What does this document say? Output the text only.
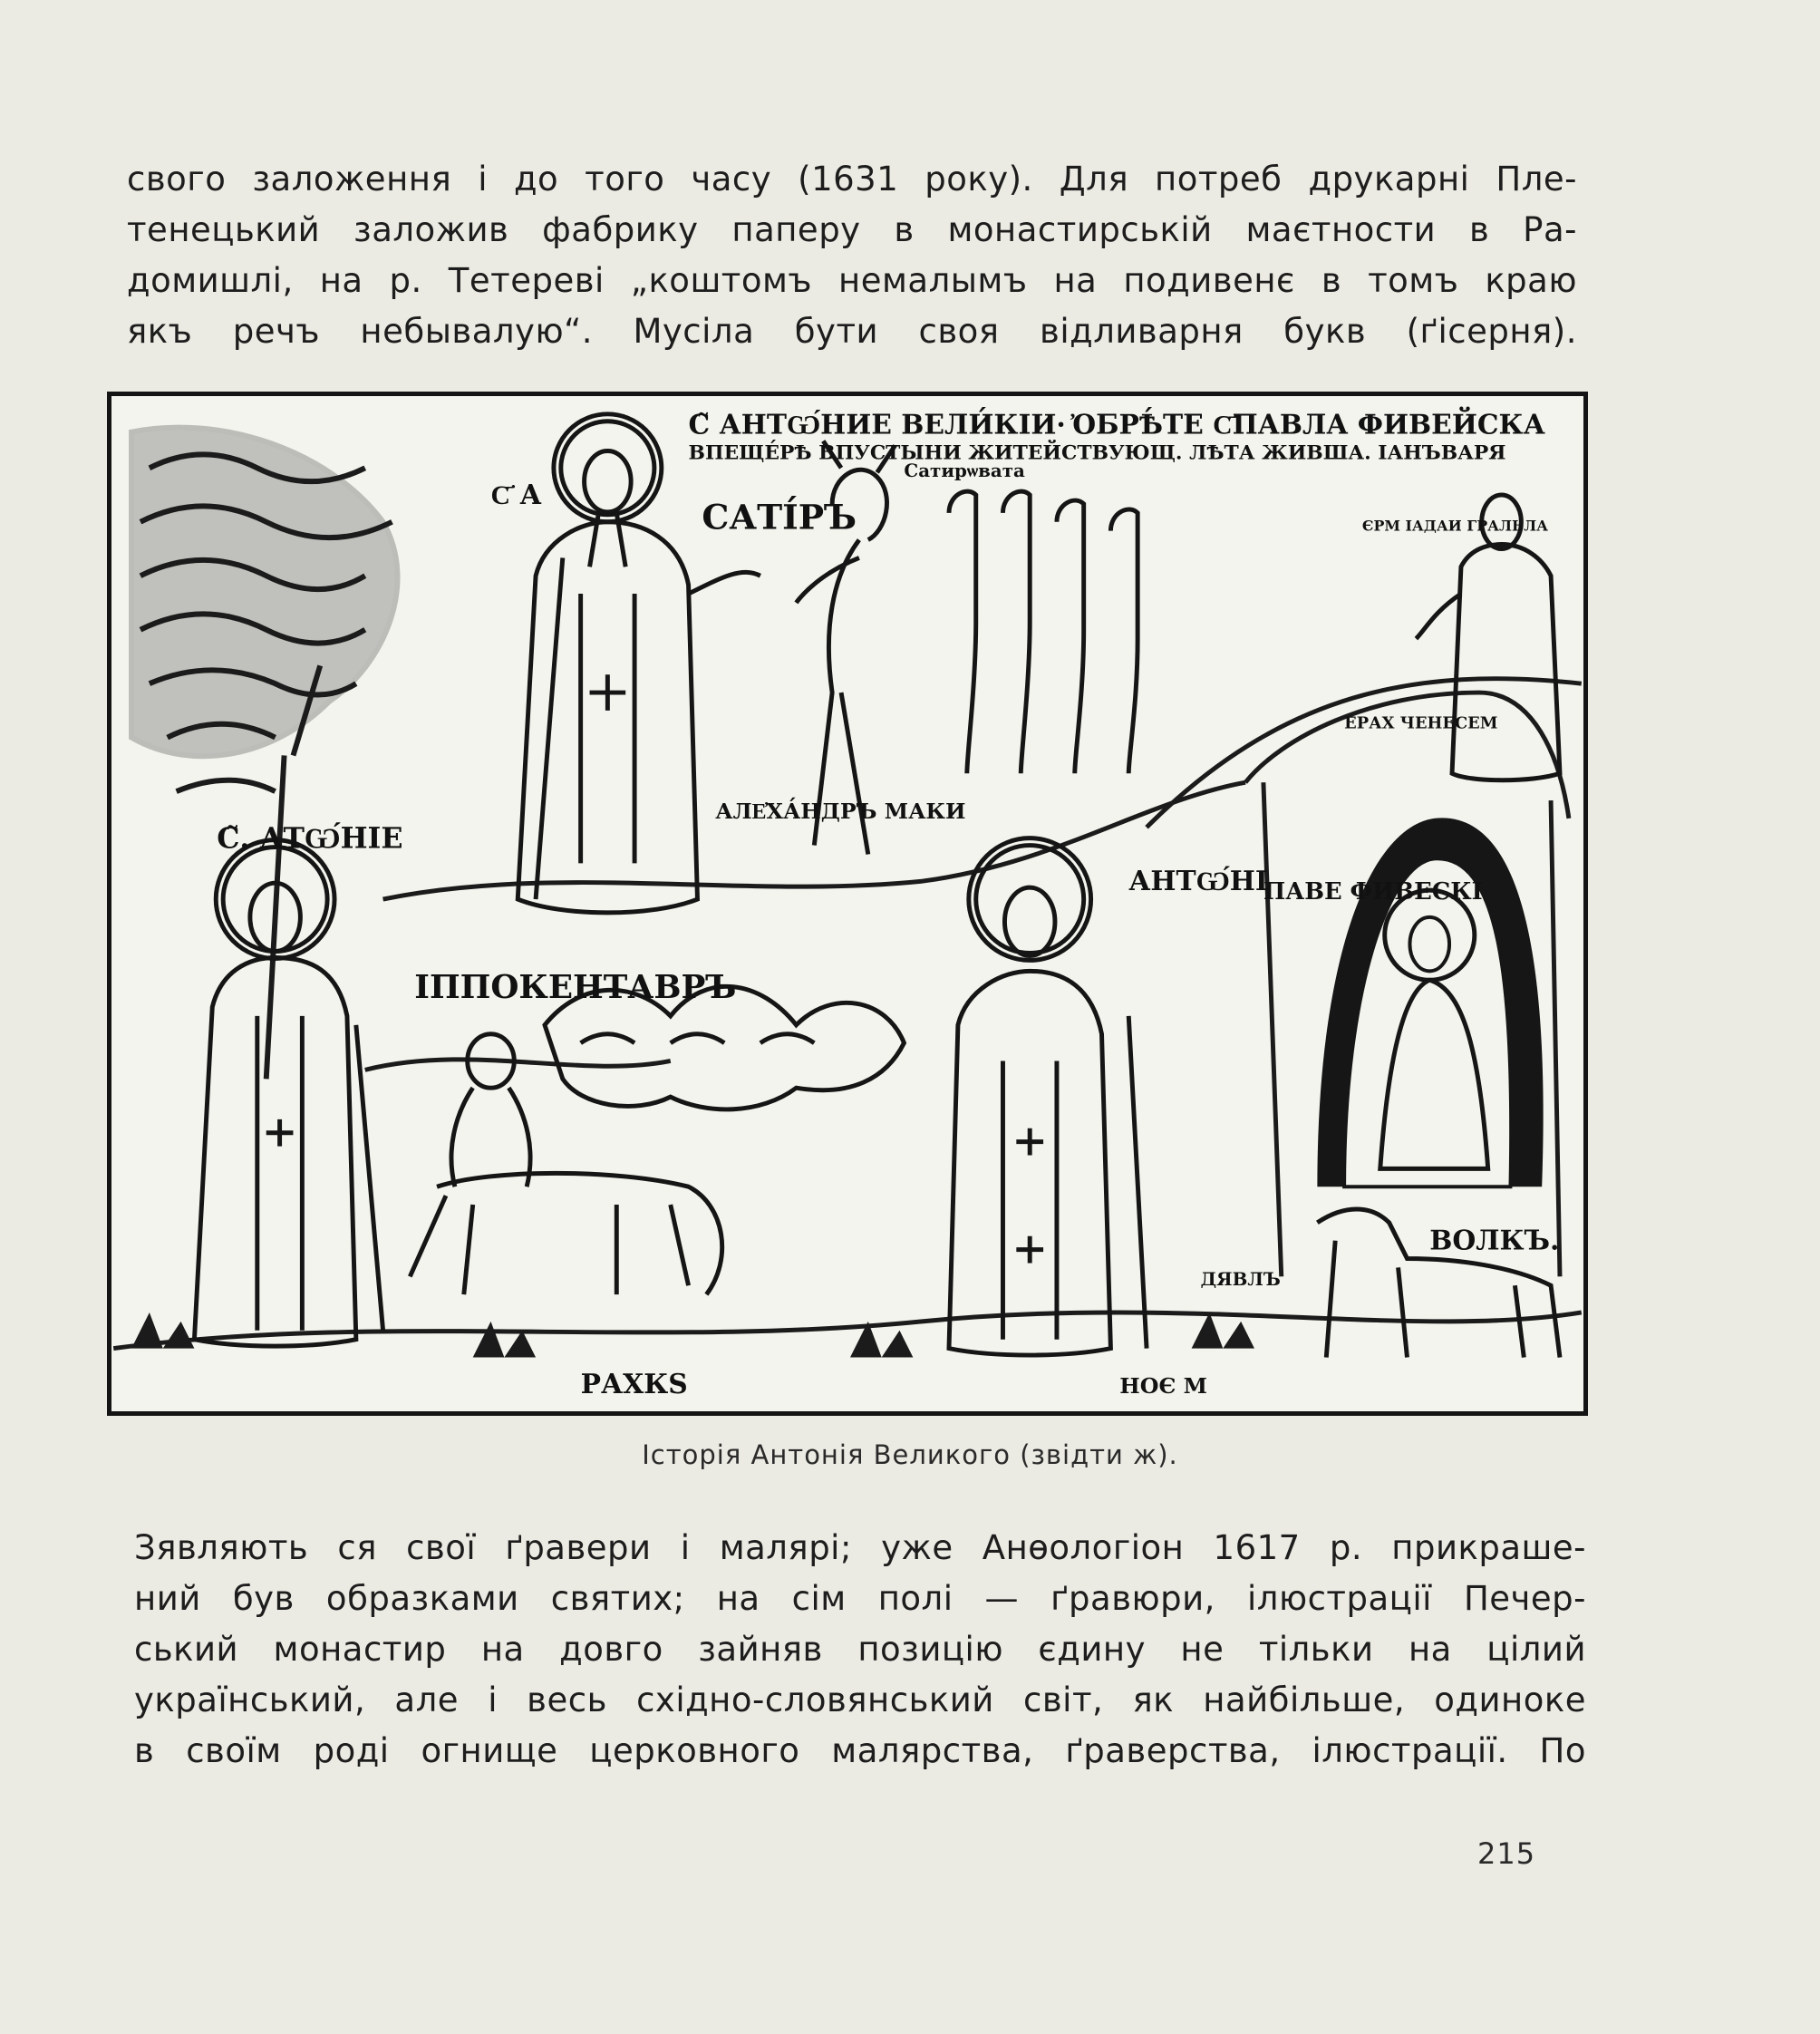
свого заложення і до того часу (1631 року). Для потреб друкарні Пле-
тенецький заложив фабрику паперу в монастирській маєтности в Ра-
домишлі, на р. Тетереві „коштомъ немалымъ на подивенє в томъ краю
якъ речъ небывалую“. Мусіла бути своя відливарня букв (ґісерня).
С̃ АНТѠ́НИЕ ВЕЛИ́КІИ· ҆ОБРѢ́ТЕ С҃ПАВЛА ФИВЕЙСКА
ВПЕЩЕ́РѢ ВПУСТЫНИ ЖИТЕЙСТВУЮЩ. ЛѢТА ЖИВША. ІАНЪВАРЯ
С҃ А
САТІ́РЪ
Сатирѡвата
ЄРМ ІАДАИ ГРАЛЬЛА
С̃. АТѠ́НІЕ
АЛЕ҆ХА́НДРЪ МАКИ
ІППОКЕНТАВРЪ
АНТѠ́НІ
ПАВЕ ФИВЕСКІ
ЕРАХ ЧЕНЕСЕМ
ВОЛКЪ.
ДЯВЛЪ
РАХКS	НОЄ М
Історія Антонія Великого (звідти ж).
Зявляють ся свої ґравери і малярі; уже Анөологіон 1617 р. прикраше-
ний був образками святих; на сім полі — ґравюри, ілюстрації Печер-
ський монастир на довго зайняв позицію єдину не тільки на цілий
український, але і весь східно-словянський світ, як найбільше, одиноке
в своїм роді огнище церковного малярства, ґраверства, ілюстрації. По
215
